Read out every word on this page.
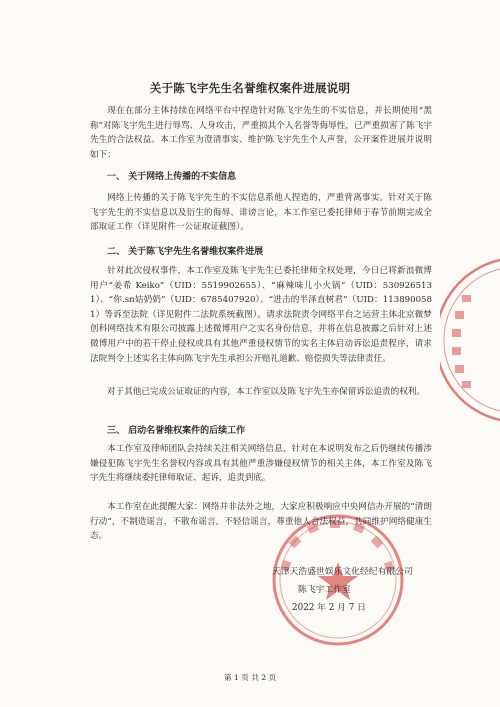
关于陈飞宇先生名誉维权案件进展说明
现在在部分主体持续在网络平台中捏造针对陈飞宇先生的不实信息，并长期使用“黑称”对陈飞宇先生进行辱骂、人身攻击，严重损其个人名誉等侮辱性，已严重损害了陈飞宇先生的合法权益。本工作室为澄清事实、维护陈飞宇先生个人声誉，公开案件进展并说明如下：
一、 关于网络上传播的不实信息
网络上传播的关于陈飞宇先生的不实信息系他人捏造的，严重背离事实。针对关于陈飞宇先生的不实信息以及衍生的侮辱、诽谤言论，本工作室已委托律师于春节前期完成全部取证工作（详见附件一公证取证截图）。
二、 关于陈飞宇先生名誉维权案件进展
针对此次侵权事件，本工作室及陈飞宇先生已委托律师全权处理，今日已将新浪微博用户“姜希 Keiko”（UID：5519902655）、“麻辣味儿小火锅”（UID：5309265131）、“你.sn姑奶奶”（UID：6785407920）、“进击的半泽直树君”（UID：1138900581）等诉至法院（详见附件二法院系统截图）。请求法院责令网络平台之运营主体北京微梦创科网络技术有限公司披露上述微博用户之实名身份信息，并将在信息披露之后针对上述微博用户中的若干停止侵权或具有其他严重侵权情节的实名主体启动诉讼追责程序，请求法院判令上述实名主体向陈飞宇先生承担公开赔礼道歉、赔偿损失等法律责任。
对于其他已完成公证取证的内容，本工作室以及陈飞宇先生亦保留诉讼追责的权利。
三、 启动名誉维权案件的后续工作
本工作室及律师团队会持续关注相关网络信息，针对在本说明发布之后仍继续传播涉嫌侵犯陈飞宇先生名誉权内容或具有其他严重涉嫌侵权情节的相关主体，本工作室及陈飞宇先生将继续委托律师取证、起诉，追责到底。
本工作室在此提醒大家：网络并非法外之地，大家应积极响应中央网信办开展的“清朗行动”，不制造谣言，不散布谣言，不轻信谣言，尊重他人合法权益，共同维护网络健康生态。
天津天浩盛世娱乐文化经纪有限公司
陈飞宇工作室
2022 年 2 月 7 日
第 1 页 共 2 页
